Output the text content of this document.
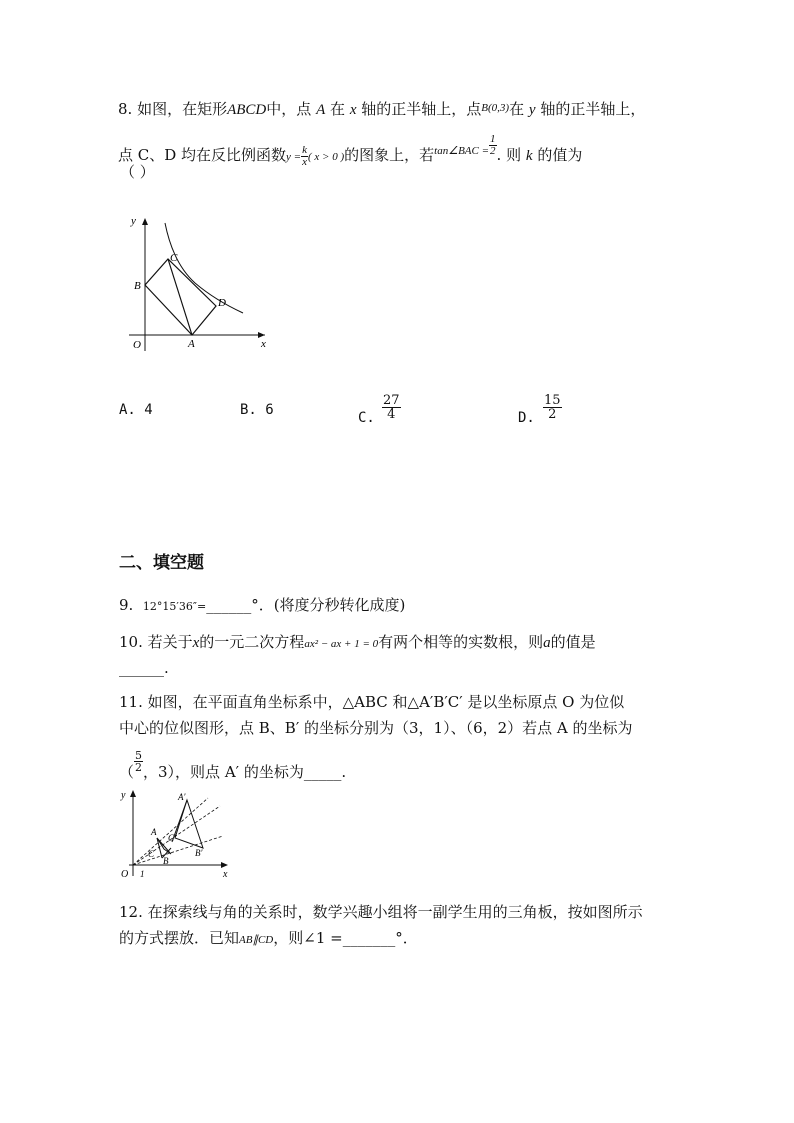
8. 如图，在矩形ABCD中，点 A 在 x 轴的正半轴上，点$^{B(0,3)}$在 y 轴的正半轴上，
点 C、D 均在反比例函数$y = \frac{k}{x}$ ( x > 0 )的图象上，若$^{tan\angle BAC =} \frac{1}{2}$ . 则 k 的值为
（ ）
y
x
O	A
B
C
D
A. 4	B. 6	C. $\frac{27}{4}$	D. $\frac{15}{2}$
二、填空题
9. 12°15′36″=______°．(将度分秒转化成度)
10. 若关于x的一元二次方程ax² − ax + 1 = 0有两个相等的实数根，则a的值是
______.
11. 如图，在平面直角坐标系中，△ABC 和△A′B′C′ 是以坐标原点 O 为位似
中心的位似图形，点 B、B′ 的坐标分别为（3，1）、（6，2）若点 A 的坐标为
（ $\frac{5}{2}$ ，3），则点 A′ 的坐标为_____.
y
x
O 1
A
C
B
A′
C′
B′
12. 在探索线与角的关系时，数学兴趣小组将一副学生用的三角板，按如图所示
的方式摆放．已知AB∥CD，则∠1 =_______°．
